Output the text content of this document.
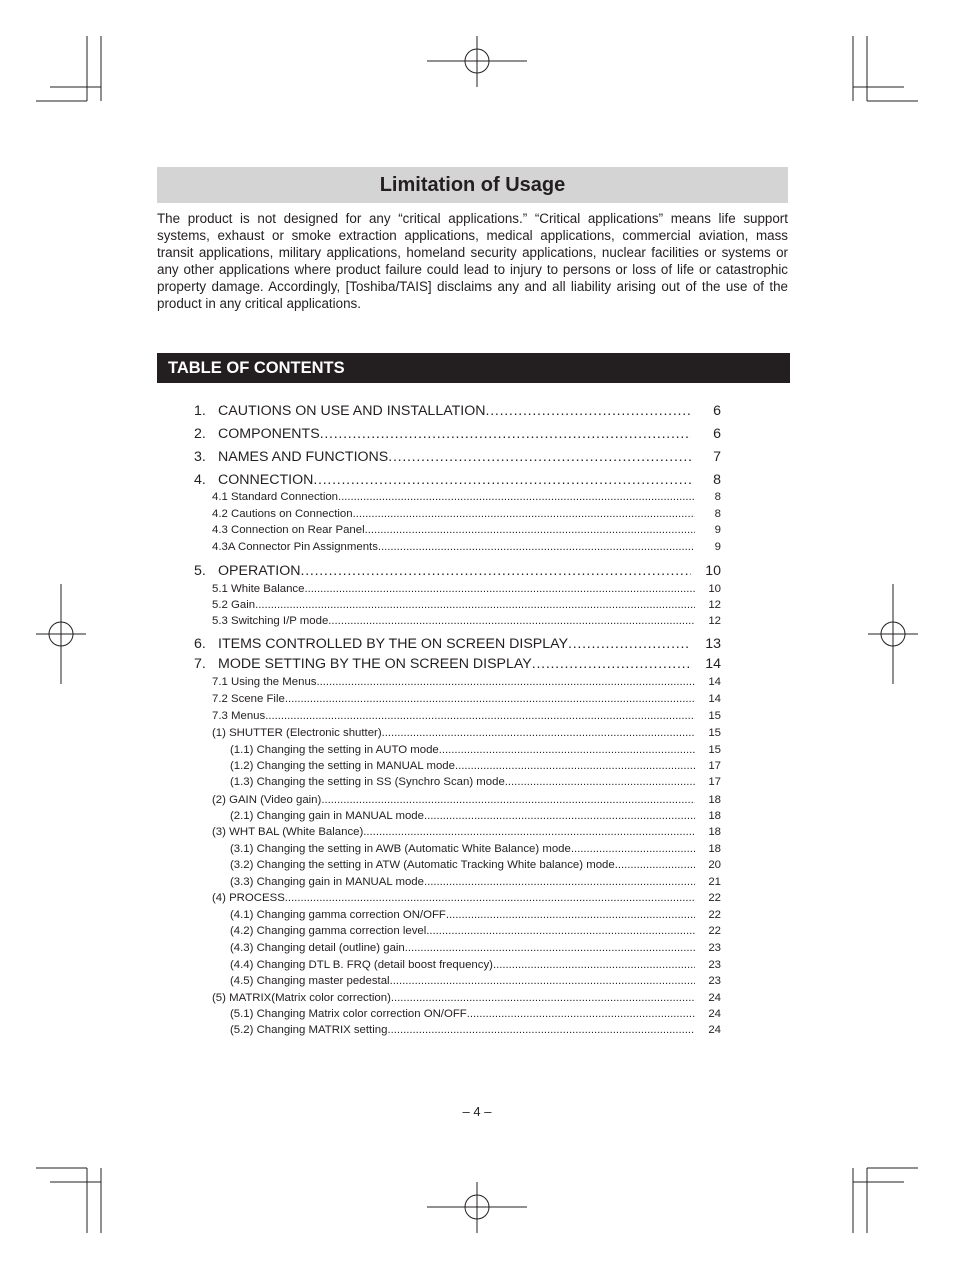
Limitation of Usage

The product is not designed for any “critical applications.” “Critical applications” means life support systems, exhaust or smoke extraction applications, medical applications, commercial aviation, mass transit applications, military applications, homeland security applications, nuclear facilities or systems or any other applications where product failure could lead to injury to persons or loss of life or catastrophic property damage. Accordingly, [Toshiba/TAIS] disclaims any and all liability arising out of the use of the product in any critical applications.

TABLE OF CONTENTS
1. CAUTIONS ON USE AND INSTALLATION . . .	6
2. COMPONENTS . . .	6
3. NAMES AND FUNCTIONS . . .	7
4. CONNECTION . . .	8
4.1 Standard Connection . . .	8
4.2 Cautions on Connection . . .	8
4.3 Connection on Rear Panel . . .	9
4.3A Connector Pin Assignments . . .	9
5. OPERATION . . .	10
5.1 White Balance . . .	10
5.2 Gain . . .	12
5.3 Switching I/P mode . . .	12
6. ITEMS CONTROLLED BY THE ON SCREEN DISPLAY . . .	13
7. MODE SETTING BY THE ON SCREEN DISPLAY . . .	14
7.1 Using the Menus . . .	14
7.2 Scene File . . .	14
7.3 Menus . . .	15
(1) SHUTTER (Electronic shutter) . . .	15
(1.1) Changing the setting in AUTO mode . . .	15
(1.2) Changing the setting in MANUAL mode . . .	17
(1.3) Changing the setting in SS (Synchro Scan) mode . . .	17
(2) GAIN (Video gain) . . .	18
(2.1) Changing gain in MANUAL mode . . .	18
(3) WHT BAL (White Balance) . . .	18
(3.1) Changing the setting in AWB (Automatic White Balance) mode . . .	18
(3.2) Changing the setting in ATW (Automatic Tracking White balance) mode . . .	20
(3.3) Changing gain in MANUAL mode . . .	21
(4) PROCESS . . .	22
(4.1) Changing gamma correction ON/OFF . . .	22
(4.2) Changing gamma correction level . . .	22
(4.3) Changing detail (outline) gain . . .	23
(4.4) Changing DTL B. FRQ (detail boost frequency) . . .	23
(4.5) Changing master pedestal . . .	23
(5) MATRIX(Matrix color correction) . . .	24
(5.1) Changing Matrix color correction ON/OFF . . .	24
(5.2) Changing MATRIX setting . . .	24
– 4 –
